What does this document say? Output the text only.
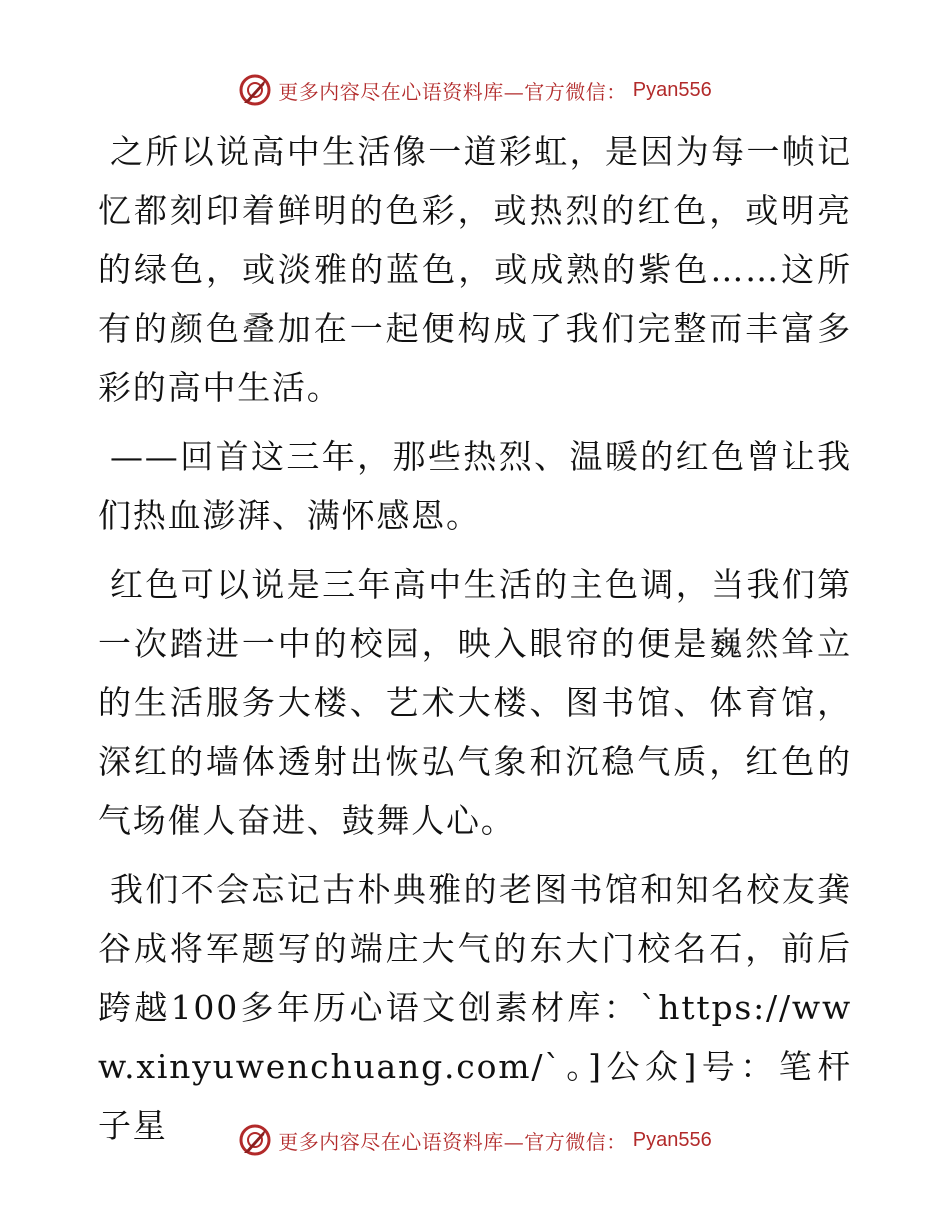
更多内容尽在心语资料库—官方微信： Pyan556

之所以说高中生活像一道彩虹，是因为每一帧记忆都刻印着鲜明的色彩，或热烈的红色，或明亮的绿色，或淡雅的蓝色，或成熟的紫色……这所有的颜色叠加在一起便构成了我们完整而丰富多彩的高中生活。

——回首这三年，那些热烈、温暖的红色曾让我们热血澎湃、满怀感恩。

红色可以说是三年高中生活的主色调，当我们第一次踏进一中的校园，映入眼帘的便是巍然耸立的生活服务大楼、艺术大楼、图书馆、体育馆，深红的墙体透射出恢弘气象和沉稳气质，红色的气场催人奋进、鼓舞人心。

我们不会忘记古朴典雅的老图书馆和知名校友龚谷成将军题写的端庄大气的东大门校名石，前后跨越100多年历心语文创素材库：`https://www.xinyuwenchuang.com/`。]公众]号：笔杆子星	更多内容尽在心语资料库—官方微信： Pyan556
